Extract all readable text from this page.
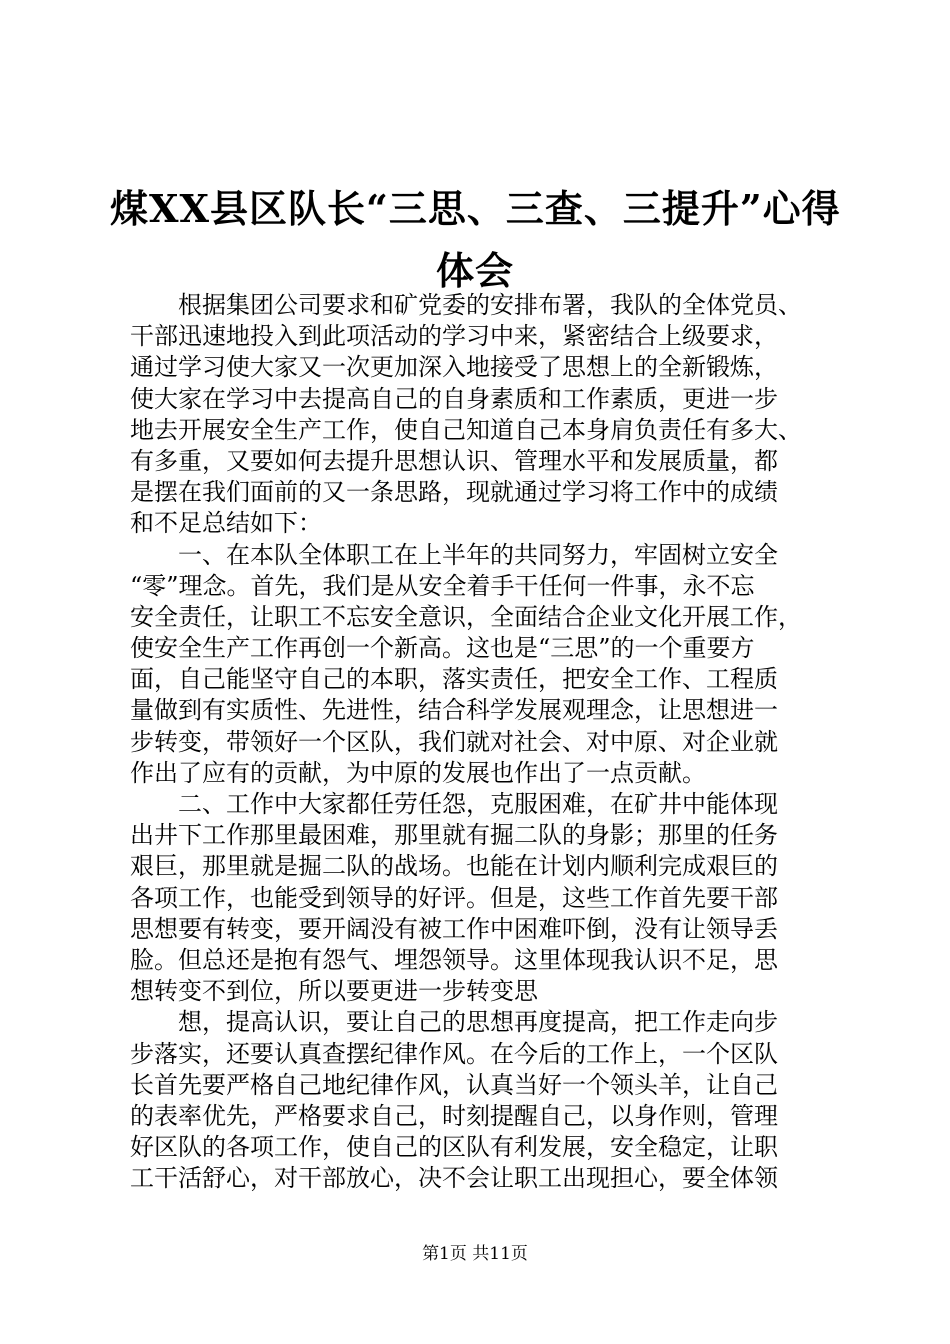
煤XX县区队长“三思、三查、三提升”心得
体会
　　根据集团公司要求和矿党委的安排布署，我队的全体党员、
干部迅速地投入到此项活动的学习中来，紧密结合上级要求，
通过学习使大家又一次更加深入地接受了思想上的全新锻炼，
使大家在学习中去提高自己的自身素质和工作素质，更进一步
地去开展安全生产工作，使自己知道自己本身肩负责任有多大、
有多重，又要如何去提升思想认识、管理水平和发展质量，都
是摆在我们面前的又一条思路，现就通过学习将工作中的成绩
和不足总结如下：
　　一、在本队全体职工在上半年的共同努力，牢固树立安全
“零”理念。首先，我们是从安全着手干任何一件事，永不忘
安全责任，让职工不忘安全意识，全面结合企业文化开展工作，
使安全生产工作再创一个新高。这也是“三思”的一个重要方
面，自己能坚守自己的本职，落实责任，把安全工作、工程质
量做到有实质性、先进性，结合科学发展观理念，让思想进一
步转变，带领好一个区队，我们就对社会、对中原、对企业就
作出了应有的贡献，为中原的发展也作出了一点贡献。
　　二、工作中大家都任劳任怨，克服困难，在矿井中能体现
出井下工作那里最困难，那里就有掘二队的身影；那里的任务
艰巨，那里就是掘二队的战场。也能在计划内顺利完成艰巨的
各项工作，也能受到领导的好评。但是，这些工作首先要干部
思想要有转变，要开阔没有被工作中困难吓倒，没有让领导丢
脸。但总还是抱有怨气、埋怨领导。这里体现我认识不足，思
想转变不到位，所以要更进一步转变思
　　想，提高认识，要让自己的思想再度提高，把工作走向步
步落实，还要认真查摆纪律作风。在今后的工作上，一个区队
长首先要严格自己地纪律作风，认真当好一个领头羊，让自己
的表率优先，严格要求自己，时刻提醒自己，以身作则，管理
好区队的各项工作，使自己的区队有利发展，安全稳定，让职
工干活舒心，对干部放心，决不会让职工出现担心，要全体领
第1页 共11页
